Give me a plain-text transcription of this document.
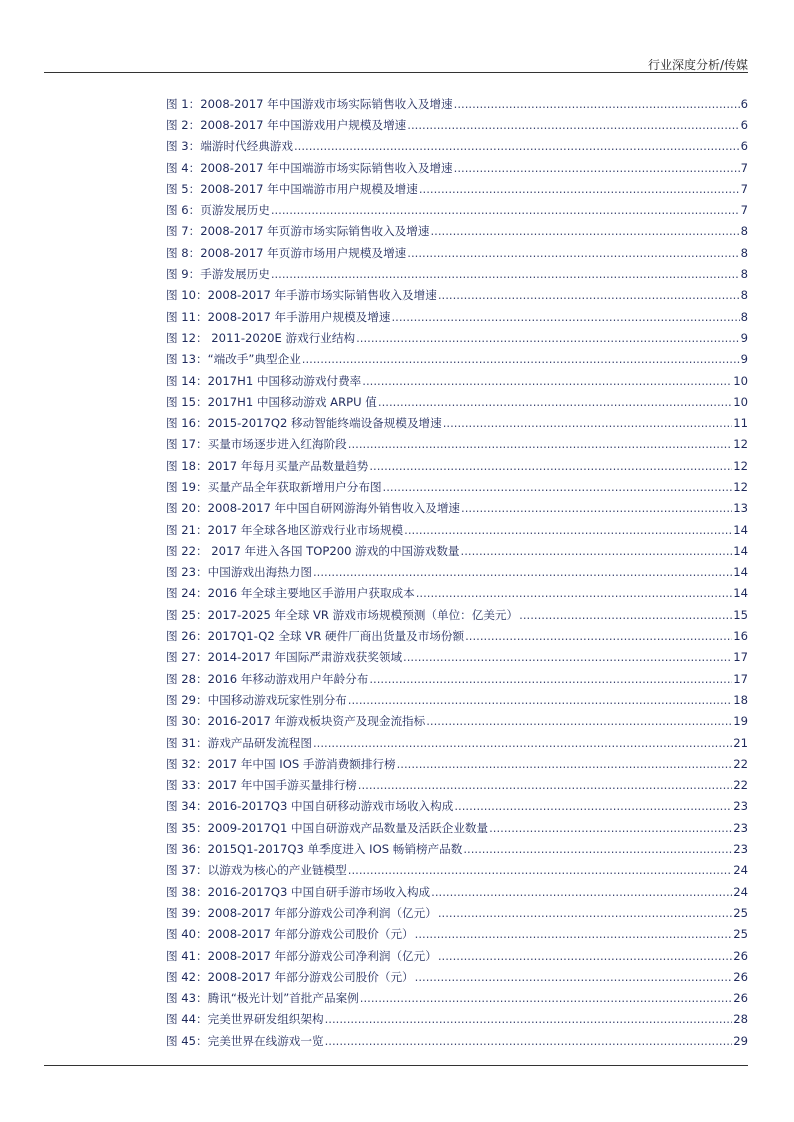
行业深度分析/传媒
图 1：2008-2017 年中国游戏市场实际销售收入及增速 .....	6
图 2：2008-2017 年中国游戏用户规模及增速 .....	6
图 3：端游时代经典游戏 .....	6
图 4：2008-2017 年中国端游市场实际销售收入及增速 .....	7
图 5：2008-2017 年中国端游市用户规模及增速 .....	7
图 6：页游发展历史 .....	7
图 7：2008-2017 年页游市场实际销售收入及增速 .....	8
图 8：2008-2017 年页游市场用户规模及增速 .....	8
图 9：手游发展历史 .....	8
图 10：2008-2017 年手游市场实际销售收入及增速 .....	8
图 11：2008-2017 年手游用户规模及增速 .....	8
图 12： 2011-2020E 游戏行业结构 .....	9
图 13：“端改手”典型企业 .....	9
图 14：2017H1 中国移动游戏付费率 .....	10
图 15：2017H1 中国移动游戏 ARPU 值 .....	10
图 16：2015-2017Q2 移动智能终端设备规模及增速 .....	11
图 17：买量市场逐步进入红海阶段 .....	12
图 18：2017 年每月买量产品数量趋势 .....	12
图 19：买量产品全年获取新增用户分布图 .....	12
图 20：2008-2017 年中国自研网游海外销售收入及增速 .....	13
图 21：2017 年全球各地区游戏行业市场规模 .....	14
图 22： 2017 年进入各国 TOP200 游戏的中国游戏数量 .....	14
图 23：中国游戏出海热力图 .....	14
图 24：2016 年全球主要地区手游用户获取成本 .....	14
图 25：2017-2025 年全球 VR 游戏市场规模预测（单位：亿美元） .....	15
图 26：2017Q1-Q2 全球 VR 硬件厂商出货量及市场份额 .....	16
图 27：2014-2017 年国际严肃游戏获奖领域 .....	17
图 28：2016 年移动游戏用户年龄分布 .....	17
图 29：中国移动游戏玩家性别分布 .....	18
图 30：2016-2017 年游戏板块资产及现金流指标 .....	19
图 31：游戏产品研发流程图 .....	21
图 32：2017 年中国 IOS 手游消费额排行榜 .....	22
图 33：2017 年中国手游买量排行榜 .....	22
图 34：2016-2017Q3 中国自研移动游戏市场收入构成 .....	23
图 35：2009-2017Q1 中国自研游戏产品数量及活跃企业数量 .....	23
图 36：2015Q1-2017Q3 单季度进入 IOS 畅销榜产品数 .....	23
图 37：以游戏为核心的产业链模型 .....	24
图 38：2016-2017Q3 中国自研手游市场收入构成 .....	24
图 39：2008-2017 年部分游戏公司净利润（亿元） .....	25
图 40：2008-2017 年部分游戏公司股价（元） .....	25
图 41：2008-2017 年部分游戏公司净利润（亿元） .....	26
图 42：2008-2017 年部分游戏公司股价（元） .....	26
图 43：腾讯“极光计划”首批产品案例 .....	26
图 44：完美世界研发组织架构 .....	28
图 45：完美世界在线游戏一览 .....	29
